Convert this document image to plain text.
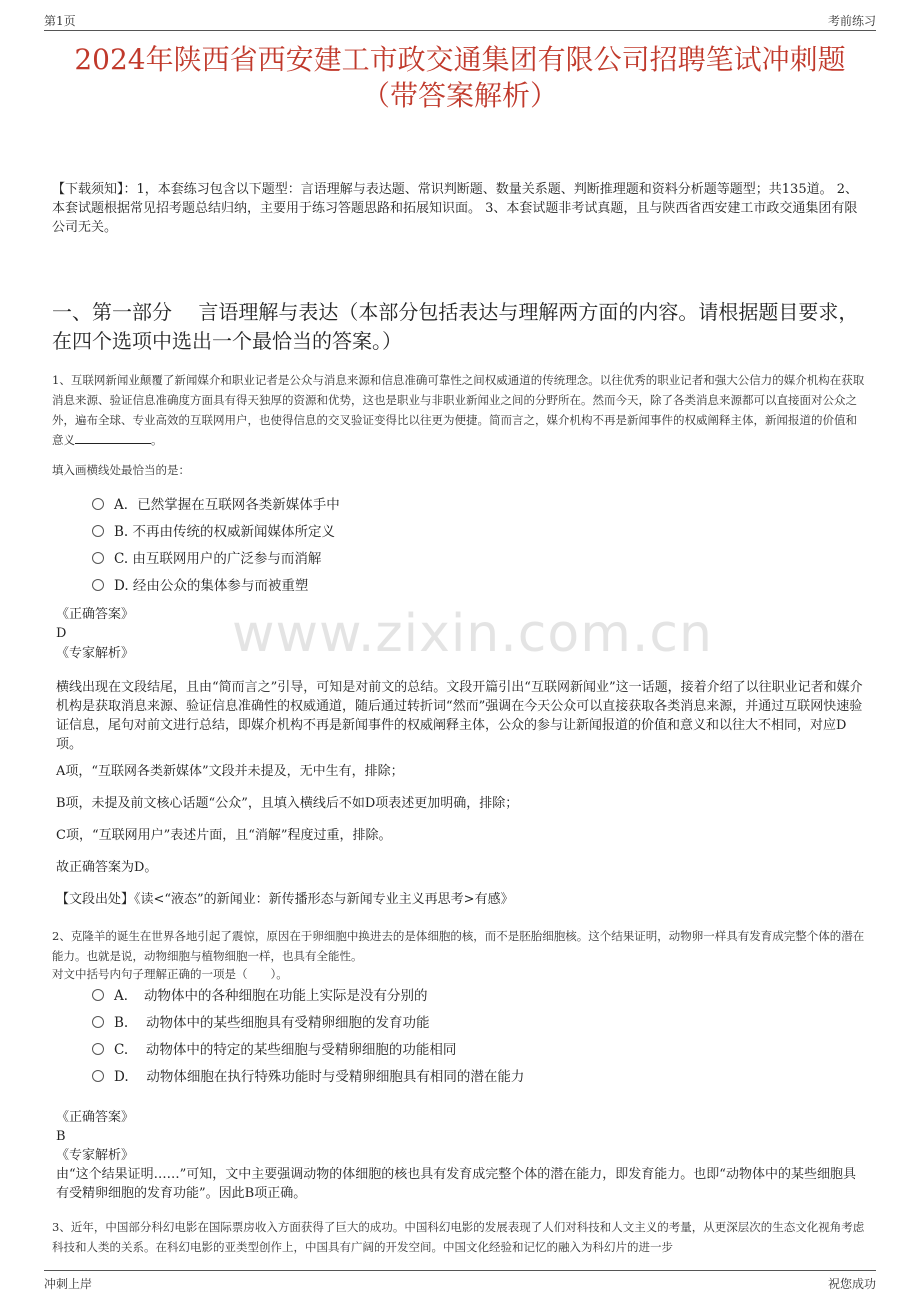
第1页	考前练习
2024年陕西省西安建工市政交通集团有限公司招聘笔试冲刺题
（带答案解析）
【下载须知】：1，本套练习包含以下题型：言语理解与表达题、常识判断题、数量关系题、判断推理题和资料分析题等题型；共135道。 2、本套试题根据常见招考题总结归纳，主要用于练习答题思路和拓展知识面。 3、本套试题非考试真题，且与陕西省西安建工市政交通集团有限公司无关。
一、第一部分　 言语理解与表达（本部分包括表达与理解两方面的内容。请根据题目要求，在四个选项中选出一个最恰当的答案。）
1、互联网新闻业颠覆了新闻媒介和职业记者是公众与消息来源和信息准确可靠性之间权威通道的传统理念。以往优秀的职业记者和强大公信力的媒介机构在获取消息来源、验证信息准确度方面具有得天独厚的资源和优势，这也是职业与非职业新闻业之间的分野所在。然而今天，除了各类消息来源都可以直接面对公众之外，遍布全球、专业高效的互联网用户，也使得信息的交叉验证变得比以往更为便捷。简而言之，媒介机构不再是新闻事件的权威阐释主体，新闻报道的价值和意义	。
填入画横线处最恰当的是：
A．已然掌握在互联网各类新媒体手中
B. 不再由传统的权威新闻媒体所定义
C. 由互联网用户的广泛参与而消解
D. 经由公众的集体参与而被重塑
www.zixin.com.cn
《正确答案》
D
《专家解析》
横线出现在文段结尾，且由“简而言之”引导，可知是对前文的总结。文段开篇引出“互联网新闻业”这一话题，接着介绍了以往职业记者和媒介机构是获取消息来源、验证信息准确性的权威通道，随后通过转折词“然而”强调在今天公众可以直接获取各类消息来源，并通过互联网快速验证信息，尾句对前文进行总结，即媒介机构不再是新闻事件的权威阐释主体，公众的参与让新闻报道的价值和意义和以往大不相同，对应D项。
A项，“互联网各类新媒体”文段并未提及，无中生有，排除；
B项，未提及前文核心话题“公众”，且填入横线后不如D项表述更加明确，排除；
C项，“互联网用户”表述片面，且“消解”程度过重，排除。
故正确答案为D。
【文段出处】《读<“液态”的新闻业：新传播形态与新闻专业主义再思考>有感》
2、克隆羊的诞生在世界各地引起了震惊，原因在于卵细胞中换进去的是体细胞的核，而不是胚胎细胞核。这个结果证明，动物卵一样具有发育成完整个体的潜在能力。也就是说，动物细胞与植物细胞一样，也具有全能性。
对文中括号内句子理解正确的一项是（　　）。
A．　动物体中的各种细胞在功能上实际是没有分别的
B.　 动物体中的某些细胞具有受精卵细胞的发育功能
C.　 动物体中的特定的某些细胞与受精卵细胞的功能相同
D.　 动物体细胞在执行特殊功能时与受精卵细胞具有相同的潜在能力
《正确答案》
B
《专家解析》
由“这个结果证明……”可知，文中主要强调动物的体细胞的核也具有发育成完整个体的潜在能力，即发育能力。也即“动物体中的某些细胞具有受精卵细胞的发育功能”。因此B项正确。
3、近年，中国部分科幻电影在国际票房收入方面获得了巨大的成功。中国科幻电影的发展表现了人们对科技和人文主义的考量，从更深层次的生态文化视角考虑科技和人类的关系。在科幻电影的亚类型创作上，中国具有广阔的开发空间。中国文化经验和记忆的融入为科幻片的进一步
冲刺上岸	祝您成功
